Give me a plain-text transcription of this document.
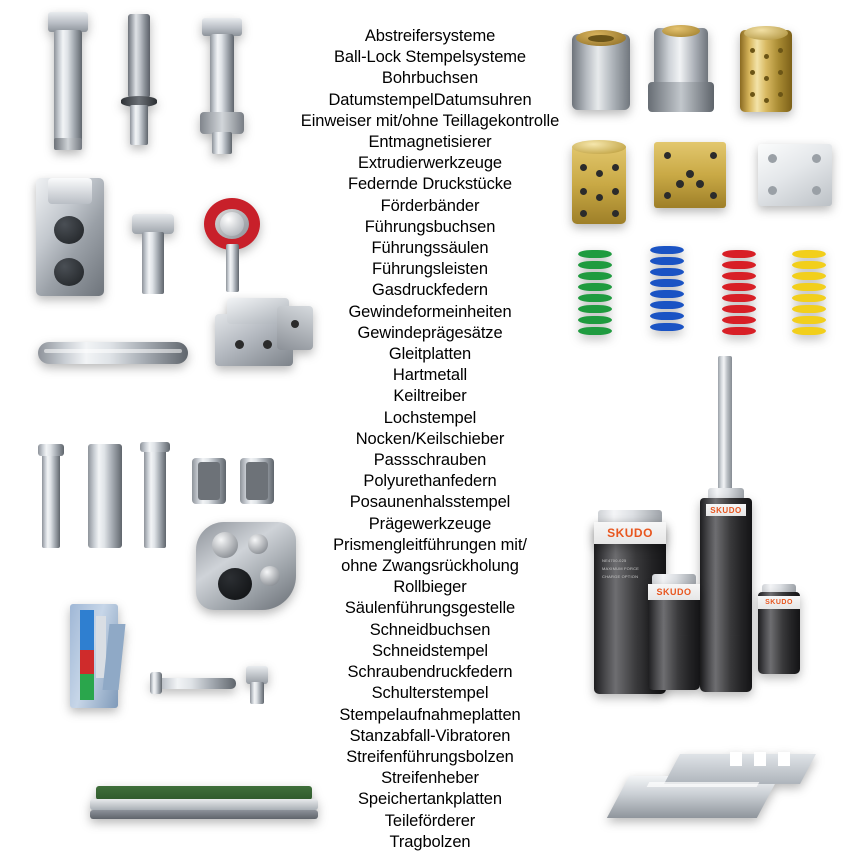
Abstreifersysteme
Ball-Lock Stempelsysteme
Bohrbuchsen
DatumstempelDatumsuhren
Einweiser mit/ohne Teillagekontrolle
Entmagnetisierer
Extrudierwerkzeuge
Federnde Druckstücke
Förderbänder
Führungsbuchsen
Führungssäulen
Führungsleisten
Gasdruckfedern
Gewindeformeinheiten
Gewindeprägesätze
Gleitplatten
Hartmetall
Keiltreiber
Lochstempel
Nocken/Keilschieber
Passschrauben
Polyurethanfedern
Posaunenhalsstempel
Prägewerkzeuge
Prismengleitführungen mit/
ohne Zwangsrückholung
Rollbieger
Säulenführungsgestelle
Schneidbuchsen
Schneidstempel
Schraubendruckfedern
Schulterstempel
Stempelaufnahmeplatten
Stanzabfall-Vibratoren
Streifenführungsbolzen
Streifenheber
Speichertankplatten
Teileförderer
Tragbolzen
SKUDO
SKUDO
NE4700-025
MAXIMUM FORCE
CHARGE OPTION
SKUDO
SKUDO
